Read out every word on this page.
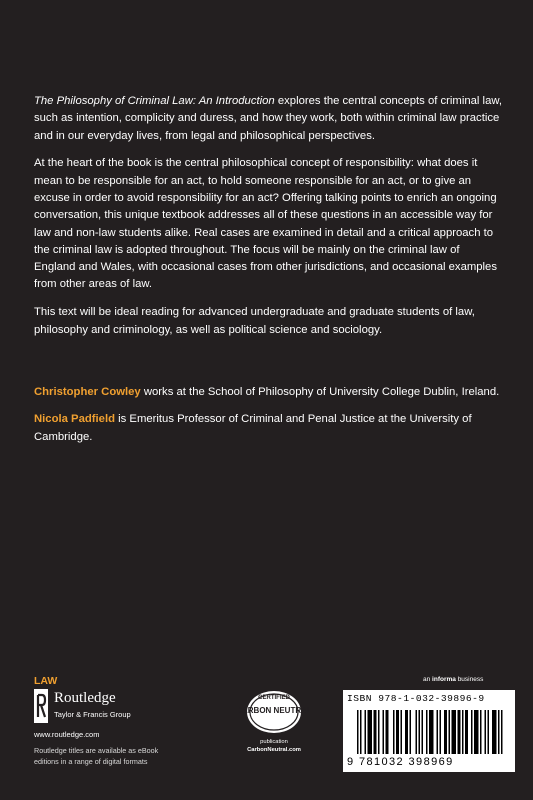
The Philosophy of Criminal Law: An Introduction explores the central concepts of criminal law, such as intention, complicity and duress, and how they work, both within criminal law practice and in our everyday lives, from legal and philosophical perspectives.

At the heart of the book is the central philosophical concept of responsibility: what does it mean to be responsible for an act, to hold someone responsible for an act, or to give an excuse in order to avoid responsibility for an act? Offering talking points to enrich an ongoing conversation, this unique textbook addresses all of these questions in an accessible way for law and non-law students alike. Real cases are examined in detail and a critical approach to the criminal law is adopted throughout. The focus will be mainly on the criminal law of England and Wales, with occasional cases from other jurisdictions, and occasional examples from other areas of law.

This text will be ideal reading for advanced undergraduate and graduate students of law, philosophy and criminology, as well as political science and sociology.

Christopher Cowley works at the School of Philosophy of University College Dublin, Ireland.

Nicola Padfield is Emeritus Professor of Criminal and Penal Justice at the University of Cambridge.

LAW
Routledge
Taylor & Francis Group
www.routledge.com
Routledge titles are available as eBook editions in a range of digital formats
CERTIFIED
CARBON NEUTRAL
publication
CarbonNeutral.com
an informa business
ISBN 978-1-032-39896-9
9 781032 398969
